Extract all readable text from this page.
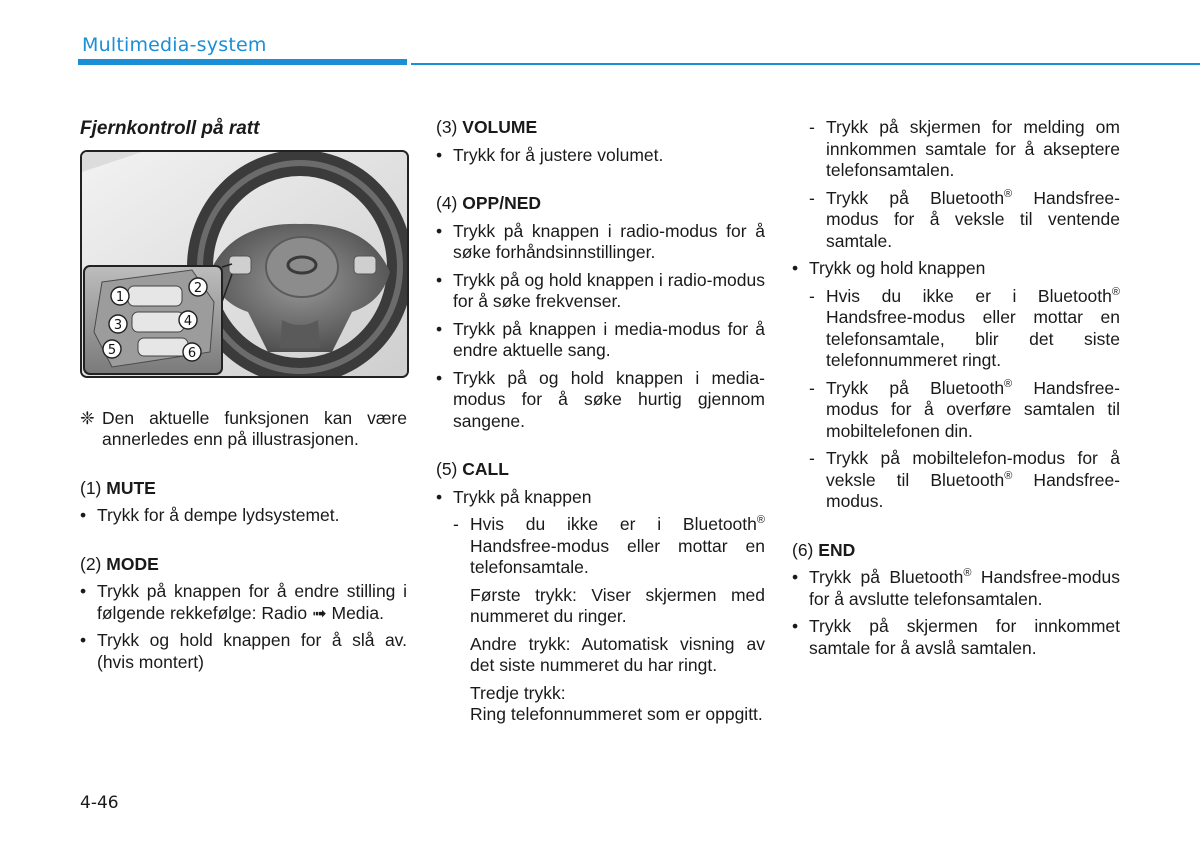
Multimedia-system
Fjernkontroll på ratt
1
2
3	4
5	6
❈ Den aktuelle funksjonen kan være annerledes enn på illustrasjonen.
(1) MUTE
• Trykk for å dempe lydsystemet.
(2) MODE
• Trykk på knappen for å endre stilling i følgende rekkefølge: Radio ➟ Media.
• Trykk og hold knappen for å slå av. (hvis montert)
(3) VOLUME
• Trykk for å justere volumet.
(4) OPP/NED
• Trykk på knappen i radio-modus for å søke forhåndsinnstillinger.
• Trykk på og hold knappen i radio-modus for å søke frekvenser.
• Trykk på knappen i media-modus for å endre aktuelle sang.
• Trykk på og hold knappen i media-modus for å søke hurtig gjennom sangene.
(5) CALL
• Trykk på knappen
- Hvis du ikke er i Bluetooth® Handsfree-modus eller mottar en telefonsamtale.
Første trykk: Viser skjermen med nummeret du ringer.
Andre trykk: Automatisk visning av det siste nummeret du har ringt.
Tredje trykk:
Ring telefonnummeret som er oppgitt.
- Trykk på skjermen for melding om innkommen samtale for å akseptere telefonsamtalen.
- Trykk på Bluetooth® Handsfree-modus for å veksle til ventende samtale.
• Trykk og hold knappen
- Hvis du ikke er i Bluetooth® Handsfree-modus eller mottar en telefonsamtale, blir det siste telefonnummeret ringt.
- Trykk på Bluetooth® Handsfree-modus for å overføre samtalen til mobiltelefonen din.
- Trykk på mobiltelefon-modus for å veksle til Bluetooth® Handsfree-modus.
(6) END
• Trykk på Bluetooth® Handsfree-modus for å avslutte telefonsamtalen.
• Trykk på skjermen for innkommet samtale for å avslå samtalen.
4-46
